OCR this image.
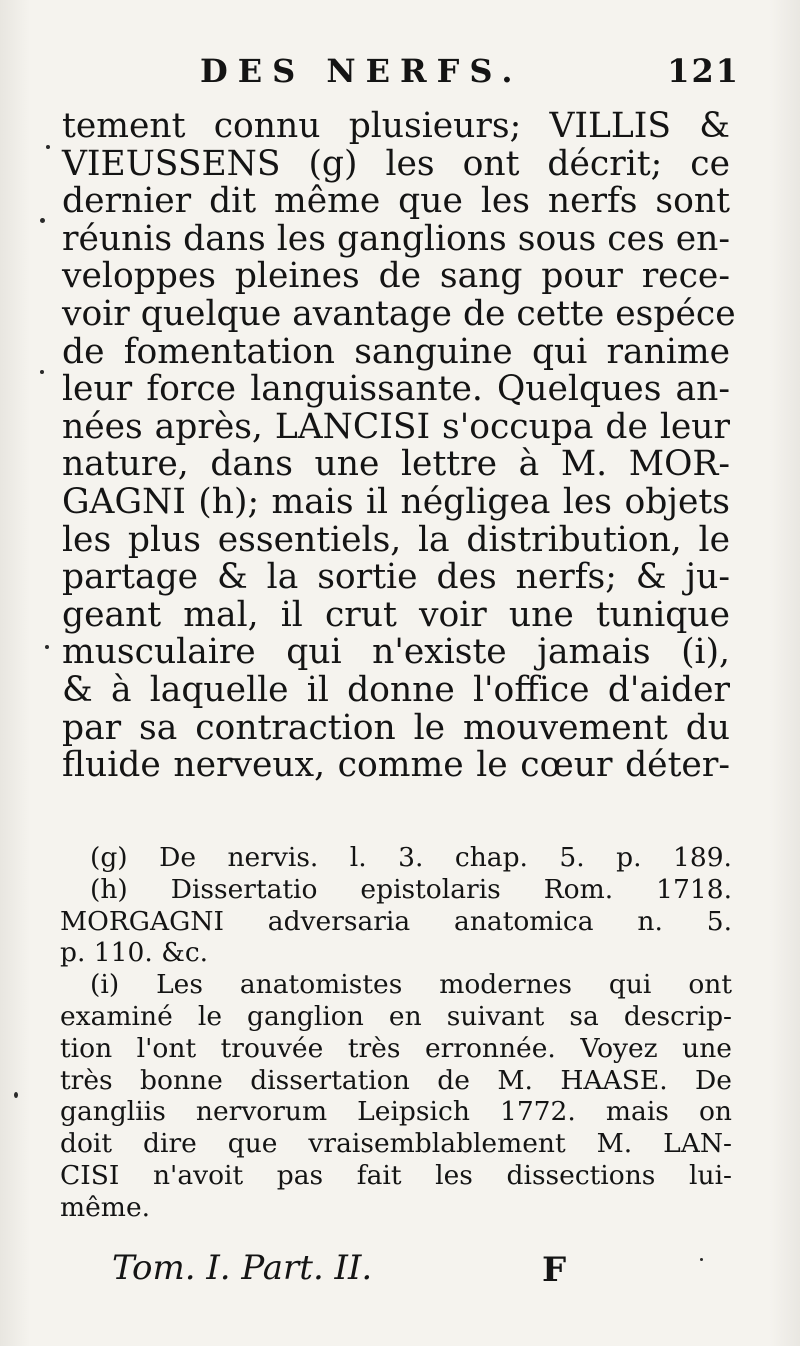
DES NERFS.	121
tement connu plusieurs; VILLIS &
VIEUSSENS (g) les ont décrit; ce
dernier dit même que les nerfs sont
réunis dans les ganglions sous ces en-
veloppes pleines de sang pour rece-
voir quelque avantage de cette espéce
de fomentation sanguine qui ranime
leur force languissante. Quelques an-
nées après, LANCISI s'occupa de leur
nature, dans une lettre à M. MOR-
GAGNI (h); mais il négligea les objets
les plus essentiels, la distribution, le
partage & la sortie des nerfs; & ju-
geant mal, il crut voir une tunique
musculaire qui n'existe jamais (i),
& à laquelle il donne l'office d'aider
par sa contraction le mouvement du
fluide nerveux, comme le cœur déter-
(g) De nervis. l. 3. chap. 5. p. 189.
(h) Dissertatio epistolaris Rom. 1718.
MORGAGNI adversaria anatomica n. 5.
p. 110. &c.
(i) Les anatomistes modernes qui ont
examiné le ganglion en suivant sa descrip-
tion l'ont trouvée très erronnée. Voyez une
très bonne dissertation de M. HAASE. De
gangliis nervorum Leipsich 1772. mais on
doit dire que vraisemblablement M. LAN-
CISI n'avoit pas fait les dissections lui-
même.
Tom. I. Part. II.	F
